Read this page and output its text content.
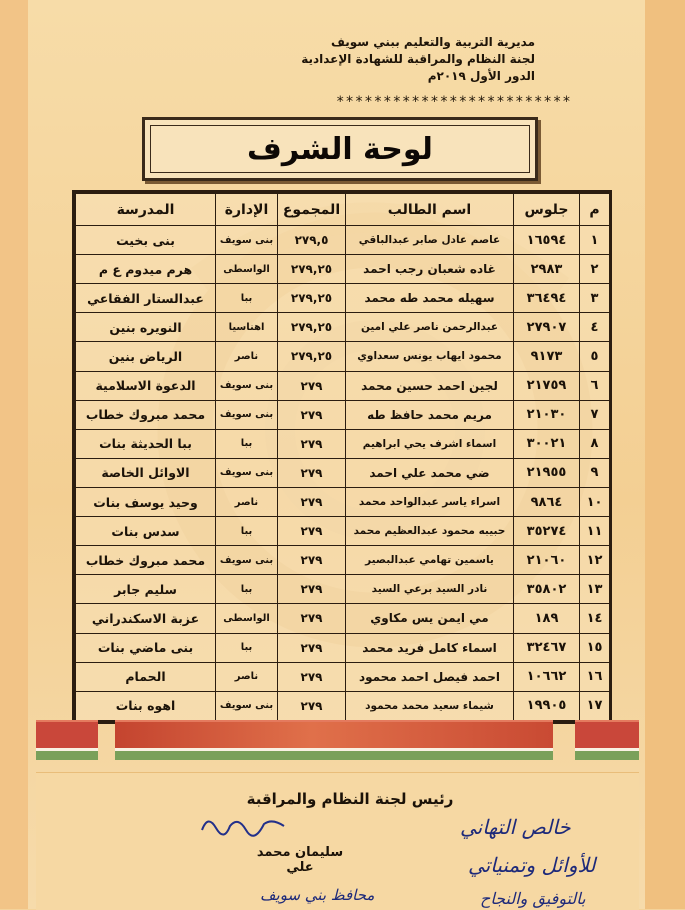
مديرية التربية والتعليم ببني سويف
لجنة النظام والمراقبة للشهادة الإعدادية
الدور الأول ٢٠١٩م
*************************
لوحة الشرف
م	جلوس	اسم الطالب	المجموع	الإدارة	المدرسة
١	١٦٥٩٤	عاصم عادل صابر عبدالباقي	٢٧٩,٥	بنى سويف	بنى بخيت
٢	٢٩٨٣	غاده شعبان رجب احمد	٢٧٩,٢٥	الواسطى	هرم ميدوم ع م
٣	٣٦٤٩٤	سهيله محمد طه محمد	٢٧٩,٢٥	ببا	عبدالستار الفقاعي
٤	٢٧٩٠٧	عبدالرحمن ناصر علي امين	٢٧٩,٢٥	اهناسيا	النويره بنين
٥	٩١٧٣	محمود ايهاب يونس سعداوي	٢٧٩,٢٥	ناصر	الرياض بنين
٦	٢١٧٥٩	لجين احمد حسين محمد	٢٧٩	بنى سويف	الدعوة الاسلامية
٧	٢١٠٣٠	مريم محمد حافظ طه	٢٧٩	بنى سويف	محمد مبروك خطاب
٨	٣٠٠٢١	اسماء اشرف يحي ابراهيم	٢٧٩	ببا	ببا الحديثة بنات
٩	٢١٩٥٥	ضي محمد علي احمد	٢٧٩	بنى سويف	الاوائل الخاصة
١٠	٩٨٦٤	اسراء ياسر عبدالواحد محمد	٢٧٩	ناصر	وحيد يوسف بنات
١١	٣٥٢٧٤	حبيبه محمود عبدالعظيم محمد	٢٧٩	ببا	سدس بنات
١٢	٢١٠٦٠	ياسمين تهامي عبدالبصير	٢٧٩	بنى سويف	محمد مبروك خطاب
١٣	٣٥٨٠٢	نادر السيد برعي السيد	٢٧٩	ببا	سليم جابر
١٤	١٨٩	مي ايمن يس مكاوي	٢٧٩	الواسطى	عزبة الاسكندراني
١٥	٣٢٤٦٧	اسماء كامل فريد محمد	٢٧٩	ببا	بنى ماضي بنات
١٦	١٠٦٦٢	احمد فيصل احمد محمود	٢٧٩	ناصر	الحمام
١٧	١٩٩٠٥	شيماء سعيد محمد محمود	٢٧٩	بنى سويف	اهوه بنات
رئيس لجنة النظام والمراقبة
سليمان محمد علي
خالص التهاني
للأوائل وتمنياتي
بالتوفيق والنجاح
محافظ بني سويف
